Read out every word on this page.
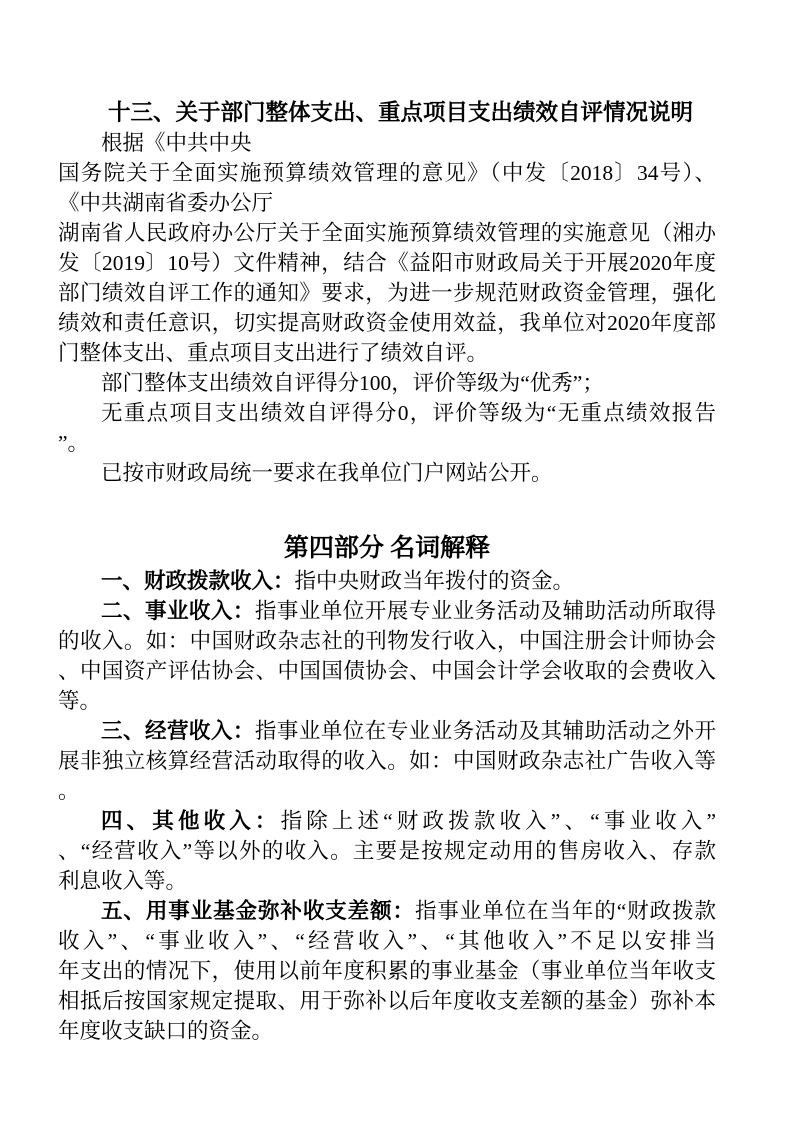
十三、关于部门整体支出、重点项目支出绩效自评情况说明
根据《中共中央
国务院关于全面实施预算绩效管理的意见》（中发〔2018〕34号）、
《中共湖南省委办公厅
湖南省人民政府办公厅关于全面实施预算绩效管理的实施意见（湘办
发〔2019〕10号）文件精神，结合《益阳市财政局关于开展2020年度
部门绩效自评工作的通知》要求，为进一步规范财政资金管理，强化
绩效和责任意识，切实提高财政资金使用效益，我单位对2020年度部
门整体支出、重点项目支出进行了绩效自评。
部门整体支出绩效自评得分100，评价等级为“优秀”；
无重点项目支出绩效自评得分0，评价等级为“无重点绩效报告
”。
已按市财政局统一要求在我单位门户网站公开。
第四部分 名词解释
一、财政拨款收入：指中央财政当年拨付的资金。
二、事业收入：指事业单位开展专业业务活动及辅助活动所取得
的收入。如：中国财政杂志社的刊物发行收入，中国注册会计师协会
、中国资产评估协会、中国国债协会、中国会计学会收取的会费收入
等。
三、经营收入：指事业单位在专业业务活动及其辅助活动之外开
展非独立核算经营活动取得的收入。如：中国财政杂志社广告收入等
。
四、其他收入：指除上述“财政拨款收入”、“事业收入”
、“经营收入”等以外的收入。主要是按规定动用的售房收入、存款
利息收入等。
五、用事业基金弥补收支差额：指事业单位在当年的“财政拨款
收入”、“事业收入”、“经营收入”、“其他收入”不足以安排当
年支出的情况下，使用以前年度积累的事业基金（事业单位当年收支
相抵后按国家规定提取、用于弥补以后年度收支差额的基金）弥补本
年度收支缺口的资金。
